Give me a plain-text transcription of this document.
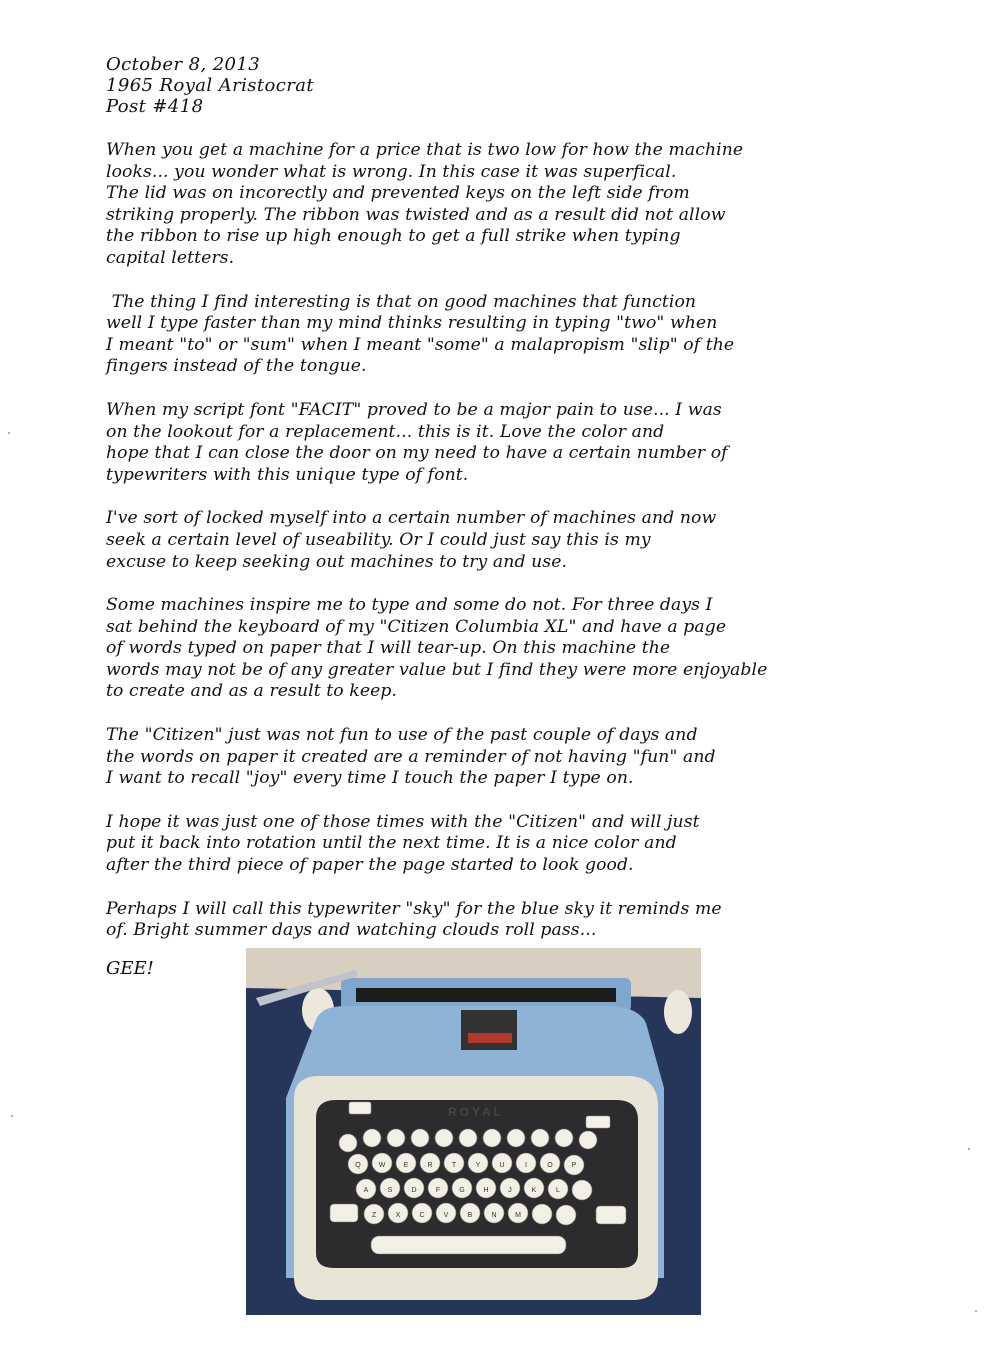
October 8, 2013
1965 Royal Aristocrat
Post #418

When you get a machine for a price that is two low for how the machine
looks... you wonder what is wrong. In this case it was superfical.
The lid was on incorectly and prevented keys on the left side from
striking properly. The ribbon was twisted and as a result did not allow
the ribbon to rise up high enough to get a full strike when typing
capital letters.

The thing I find interesting is that on good machines that function
well I type faster than my mind thinks resulting in typing "two" when
I meant "to" or "sum" when I meant "some" a malapropism "slip" of the
fingers instead of the tongue.

When my script font "FACIT" proved to be a major pain to use... I was
on the lookout for a replacement... this is it. Love the color and
hope that I can close the door on my need to have a certain number of
typewriters with this unique type of font.

I've sort of locked myself into a certain number of machines and now
seek a certain level of useability. Or I could just say this is my
excuse to keep seeking out machines to try and use.

Some machines inspire me to type and some do not. For three days I
sat behind the keyboard of my "Citizen Columbia XL" and have a page
of words typed on paper that I will tear-up. On this machine the
words may not be of any greater value but I find they were more enjoyable
to create and as a result to keep.

The "Citizen" just was not fun to use of the past couple of days and
the words on paper it created are a reminder of not having "fun" and
I want to recall "joy" every time I touch the paper I type on.

I hope it was just one of those times with the "Citizen" and will just
put it back into rotation until the next time. It is a nice color and
after the third piece of paper the page started to look good.

Perhaps I will call this typewriter "sky" for the blue sky it reminds me
of. Bright summer days and watching clouds roll pass...

GEE!
ROYAL
Q	W	E	R	T	Y	U	I	O	P
A	S	D	F	G	H	J	K	L
Z	X	C	V	B	N	M
